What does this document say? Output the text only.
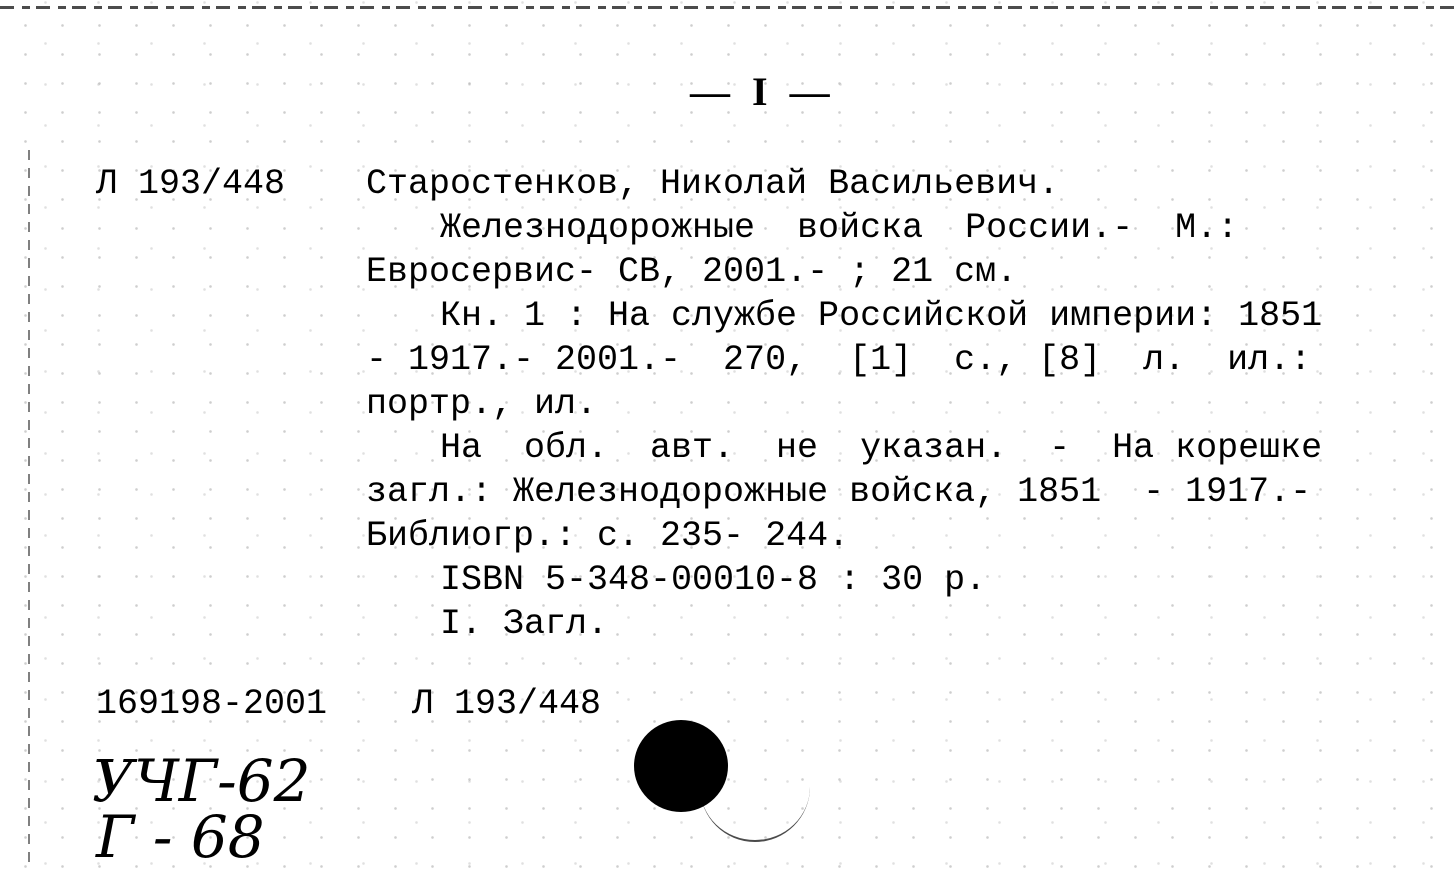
— I —
Л 193/448 Старостенков, Николай Васильевич.
Железнодорожные  войска  России.-  М.:
Евросервис- СВ, 2001.- ; 21 см.
Кн. 1 : На службе Российской империи: 1851
- 1917.- 2001.-  270,  [1]  с., [8]  л.  ил.:
портр., ил.
На  обл.  авт.  не  указан.  -  На корешке
загл.: Железнодорожные войска, 1851  - 1917.-
Библиогр.: с. 235- 244.
ISBN 5-348-00010-8 : 30 р.
I. Загл.
169198-2001 Л 193/448
УЧГ-62
Г - 68
